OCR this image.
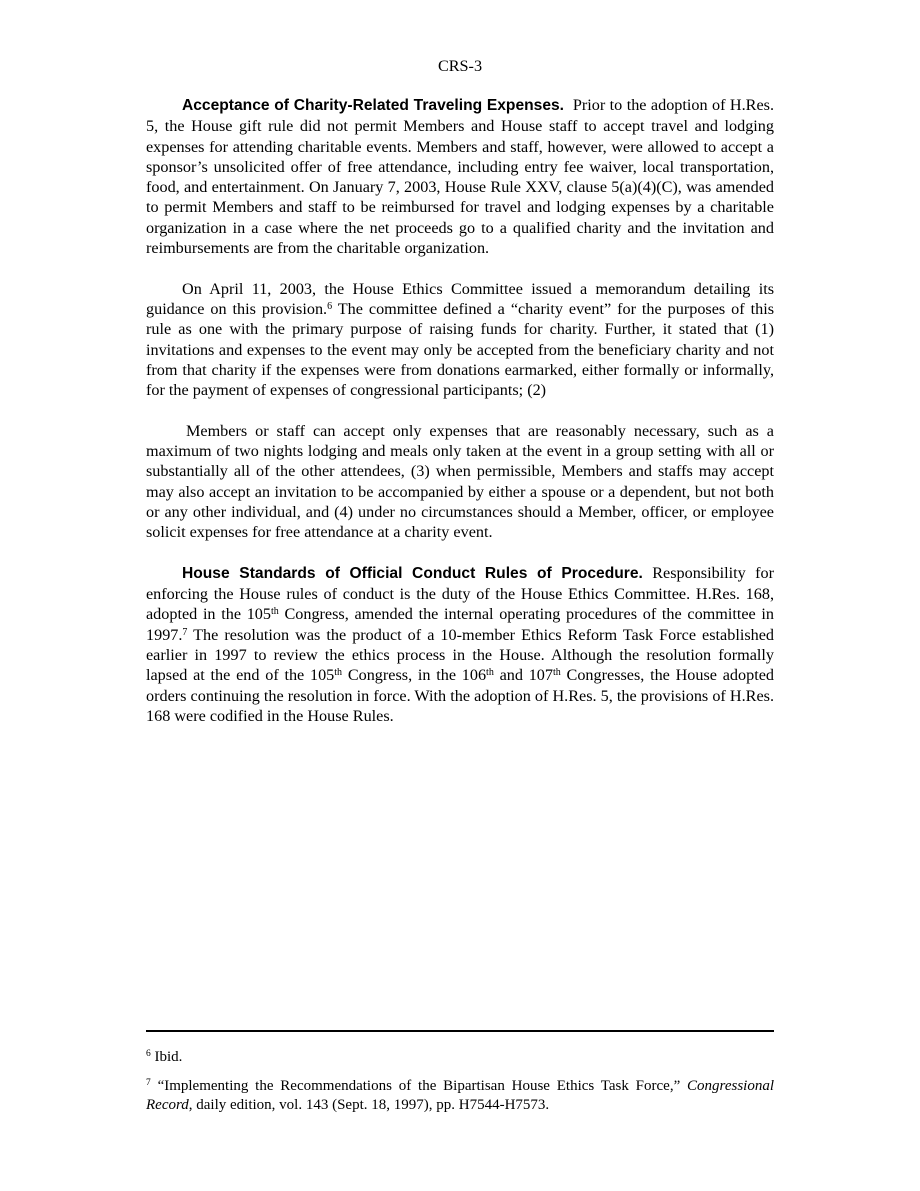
CRS-3

Acceptance of Charity-Related Traveling Expenses. Prior to the adoption of H.Res. 5, the House gift rule did not permit Members and House staff to accept travel and lodging expenses for attending charitable events. Members and staff, however, were allowed to accept a sponsor’s unsolicited offer of free attendance, including entry fee waiver, local transportation, food, and entertainment. On January 7, 2003, House Rule XXV, clause 5(a)(4)(C), was amended to permit Members and staff to be reimbursed for travel and lodging expenses by a charitable organization in a case where the net proceeds go to a qualified charity and the invitation and reimbursements are from the charitable organization.

On April 11, 2003, the House Ethics Committee issued a memorandum detailing its guidance on this provision.$^6$ The committee defined a “charity event” for the purposes of this rule as one with the primary purpose of raising funds for charity. Further, it stated that (1) invitations and expenses to the event may only be accepted from the beneficiary charity and not from that charity if the expenses were from donations earmarked, either formally or informally, for the payment of expenses of congressional participants; (2)

Members or staff can accept only expenses that are reasonably necessary, such as a maximum of two nights lodging and meals only taken at the event in a group setting with all or substantially all of the other attendees, (3) when permissible, Members and staffs may accept may also accept an invitation to be accompanied by either a spouse or a dependent, but not both or any other individual, and (4) under no circumstances should a Member, officer, or employee solicit expenses for free attendance at a charity event.

House Standards of Official Conduct Rules of Procedure. Responsibility for enforcing the House rules of conduct is the duty of the House Ethics Committee. H.Res. 168, adopted in the 105th Congress, amended the internal operating procedures of the committee in 1997.$^7$ The resolution was the product of a 10-member Ethics Reform Task Force established earlier in 1997 to review the ethics process in the House. Although the resolution formally lapsed at the end of the 105th Congress, in the 106th and 107th Congresses, the House adopted orders continuing the resolution in force. With the adoption of H.Res. 5, the provisions of H.Res. 168 were codified in the House Rules.

$^6$ Ibid.

$^7$ “Implementing the Recommendations of the Bipartisan House Ethics Task Force,” Congressional Record, daily edition, vol. 143 (Sept. 18, 1997), pp. H7544-H7573.
